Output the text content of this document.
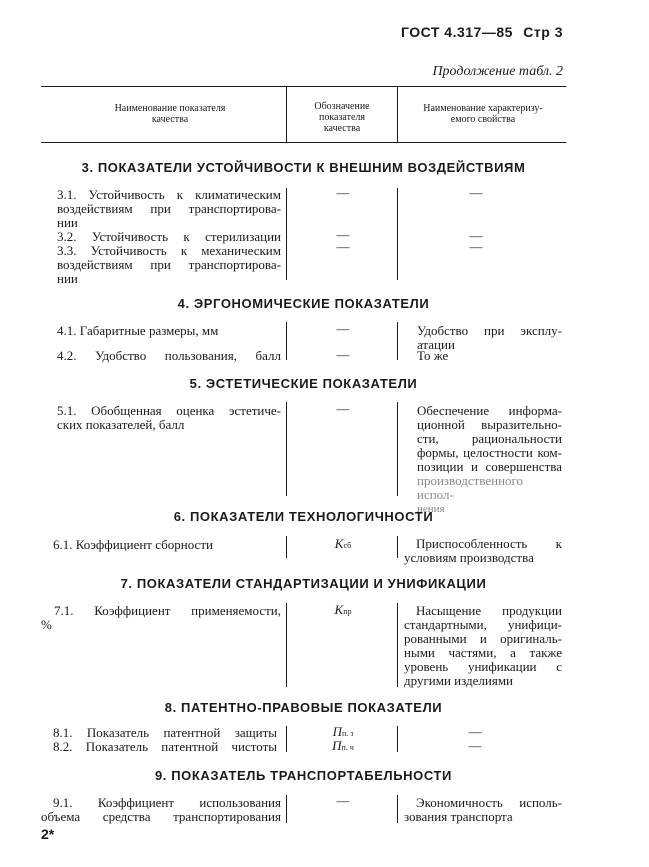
ГОСТ 4.317—85 Стр 3
Продолжение табл. 2
Наименование показателя
качества
Обозначение
показателя
качества
Наименование характеризу-
емого свойства
3. ПОКАЗАТЕЛИ УСТОЙЧИВОСТИ К ВНЕШНИМ ВОЗДЕЙСТВИЯМ
3.1. Устойчивость к климатическим
воздействиям при транспортирова-
нии
—	—
3.2. Устойчивость к стерилизации	—	—
3.3. Устойчивость к механическим
воздействиям при транспортирова-
нии
—	—
4. ЭРГОНОМИЧЕСКИЕ ПОКАЗАТЕЛИ
4.1. Габаритные размеры, мм	—	Удобство при эксплу-
атации
4.2. Удобство пользования, балл	—	То же
5. ЭСТЕТИЧЕСКИЕ ПОКАЗАТЕЛИ
5.1. Обобщенная оценка эстетиче-
ских показателей, балл
—	Обеспечение информа-
ционной выразительно-
сти, рациональности
формы, целостности ком-
позиции и совершенства
производственного испол-
нения
6. ПОКАЗАТЕЛИ ТЕХНОЛОГИЧНОСТИ
6.1. Коэффициент сборности	Kсб	Приспособленность к
условиям производства
7. ПОКАЗАТЕЛИ СТАНДАРТИЗАЦИИ И УНИФИКАЦИИ
7.1. Коэффициент применяемости,
%
Kпр	Насыщение продукции
стандартными, унифици-
рованными и оригиналь-
ными частями, а также
уровень унификации с
другими изделиями
8. ПАТЕНТНО-ПРАВОВЫЕ ПОКАЗАТЕЛИ
8.1. Показатель патентной защиты	Пп. з	—
8.2. Показатель патентной чистоты	Пп. ч	—
9. ПОКАЗАТЕЛЬ ТРАНСПОРТАБЕЛЬНОСТИ
9.1. Коэффициент использования
объема средства транспортирования
—	Экономичность исполь-
зования транспорта
2*
